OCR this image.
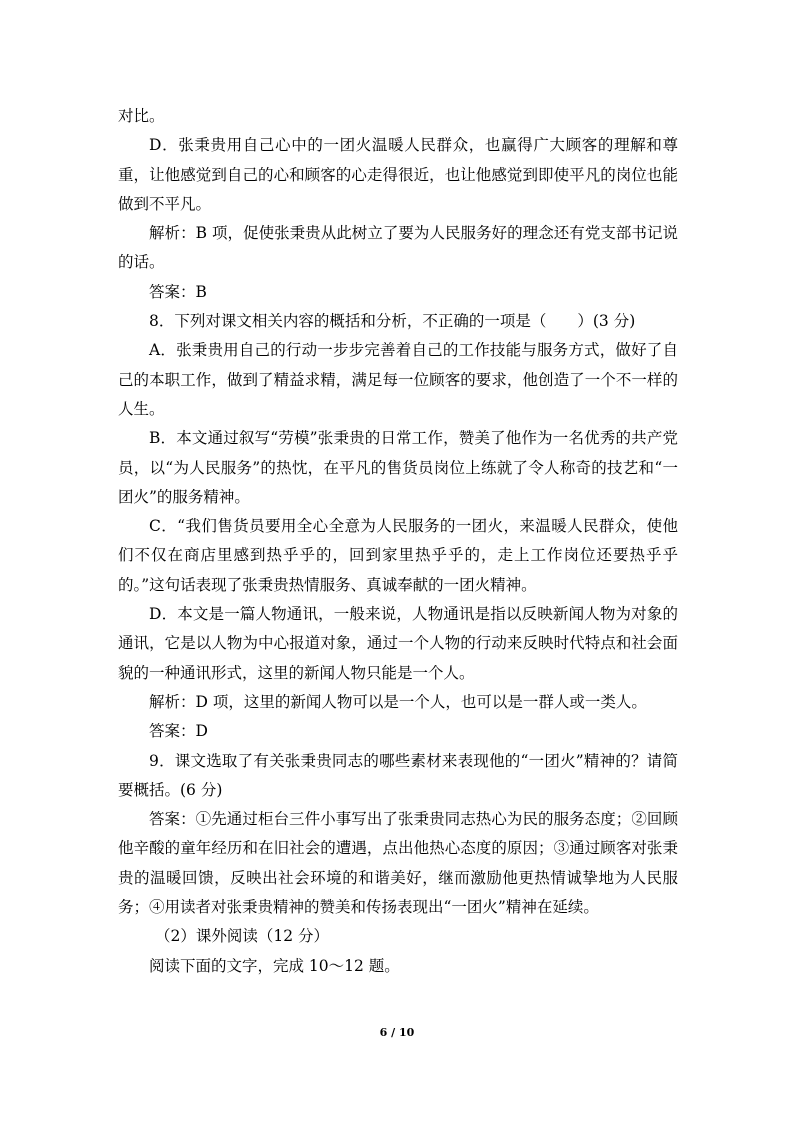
对比。

D．张秉贵用自己心中的一团火温暖人民群众，也赢得广大顾客的理解和尊重，让他感觉到自己的心和顾客的心走得很近，也让他感觉到即使平凡的岗位也能做到不平凡。

解析：B 项，促使张秉贵从此树立了要为人民服务好的理念还有党支部书记说的话。

答案：B

8．下列对课文相关内容的概括和分析，不正确的一项是（　　）(3 分)

A．张秉贵用自己的行动一步步完善着自己的工作技能与服务方式，做好了自己的本职工作，做到了精益求精，满足每一位顾客的要求，他创造了一个不一样的人生。

B．本文通过叙写“劳模”张秉贵的日常工作，赞美了他作为一名优秀的共产党员，以“为人民服务”的热忱，在平凡的售货员岗位上练就了令人称奇的技艺和“一团火”的服务精神。

C．“我们售货员要用全心全意为人民服务的一团火，来温暖人民群众，使他们不仅在商店里感到热乎乎的，回到家里热乎乎的，走上工作岗位还要热乎乎的。”这句话表现了张秉贵热情服务、真诚奉献的一团火精神。

D．本文是一篇人物通讯，一般来说，人物通讯是指以反映新闻人物为对象的通讯，它是以人物为中心报道对象，通过一个人物的行动来反映时代特点和社会面貌的一种通讯形式，这里的新闻人物只能是一个人。

解析：D 项，这里的新闻人物可以是一个人，也可以是一群人或一类人。

答案：D

9．课文选取了有关张秉贵同志的哪些素材来表现他的“一团火”精神的？请简要概括。(6 分)

答案：①先通过柜台三件小事写出了张秉贵同志热心为民的服务态度；②回顾他辛酸的童年经历和在旧社会的遭遇，点出他热心态度的原因；③通过顾客对张秉贵的温暖回馈，反映出社会环境的和谐美好，继而激励他更热情诚挚地为人民服务；④用读者对张秉贵精神的赞美和传扬表现出“一团火”精神在延续。

（2）课外阅读（12 分）

阅读下面的文字，完成 10～12 题。

6 / 10
